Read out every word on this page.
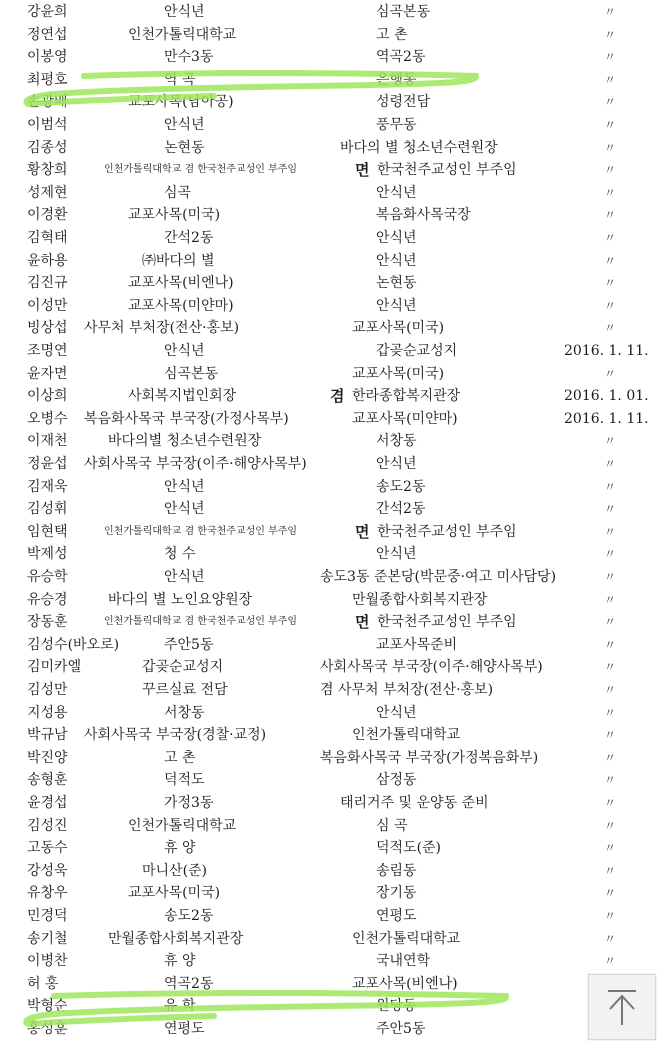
강윤희	안식년	심곡본동	〃
정연섭	인천가톨릭대학교	고 촌	〃
이봉영	만수3동	역곡2동	〃
최평호	역 곡	은행동	〃
손광배	교포사목(남아공)	성령전담	〃
이범석	안식년	풍무동	〃
김종성	논현동	바다의 별 청소년수련원장	〃
황창희	인천가톨릭대학교 겸 한국천주교성인 부주임	면 한국천주교성인 부주임	〃
성제현	심곡	안식년	〃
이경환	교포사목(미국)	복음화사목국장	〃
김혁태	간석2동	안식년	〃
윤하용	㈜바다의 별	안식년	〃
김진규	교포사목(비엔나)	논현동	〃
이성만	교포사목(미얀마)	안식년	〃
빙상섭 사무처 부처장(전산·홍보)	교포사목(미국)	〃
조명연	안식년	갑곶순교성지	2016. 1. 11.
윤자면	심곡본동	교포사목(미국)	〃
이상희	사회복지법인회장	겸 한라종합복지관장	2016. 1. 01.
오병수 복음화사목국 부국장(가정사목부)	교포사목(미얀마)	2016. 1. 11.
이재천	바다의별 청소년수련원장	서창동	〃
정윤섭 사회사목국 부국장(이주·해양사목부)	안식년	〃
김재욱	안식년	송도2동	〃
김성휘	안식년	간석2동	〃
임현택	인천가톨릭대학교 겸 한국천주교성인 부주임	면 한국천주교성인 부주임	〃
박제성	청 수	안식년	〃
유승학	안식년	송도3동 준본당(박문중·여고 미사담당)	〃
유승경	바다의 별 노인요양원장	만월종합사회복지관장	〃
장동훈	인천가톨릭대학교 겸 한국천주교성인 부주임	면 한국천주교성인 부주임	〃
김성수(바오로)	주안5동	교포사목준비	〃
김미카엘	갑곶순교성지	사회사목국 부국장(이주·해양사목부)	〃
김성만	꾸르실료 전담	겸 사무처 부처장(전산·홍보)	〃
지성용	서창동	안식년	〃
박규남 사회사목국 부국장(경찰·교정)	인천가톨릭대학교	〃
박진양	고 촌	복음화사목국 부국장(가정복음화부)	〃
송형훈	덕적도	삼정동	〃
윤경섭	가정3동	태리거주 및 운양동 준비	〃
김성진	인천가톨릭대학교	심 곡	〃
고동수	휴 양	덕적도(준)	〃
강성욱	마니산(준)	송림동	〃
유창우	교포사목(미국)	장기동	〃
민경덕	송도2동	연평도	〃
송기철	만월종합사회복지관장	인천가톨릭대학교	〃
이병찬	휴 양	국내연학	〃
허 홍	역곡2동	교포사목(비엔나)
박형순	유 학	원당동
홍성훈	연평도	주안5동
